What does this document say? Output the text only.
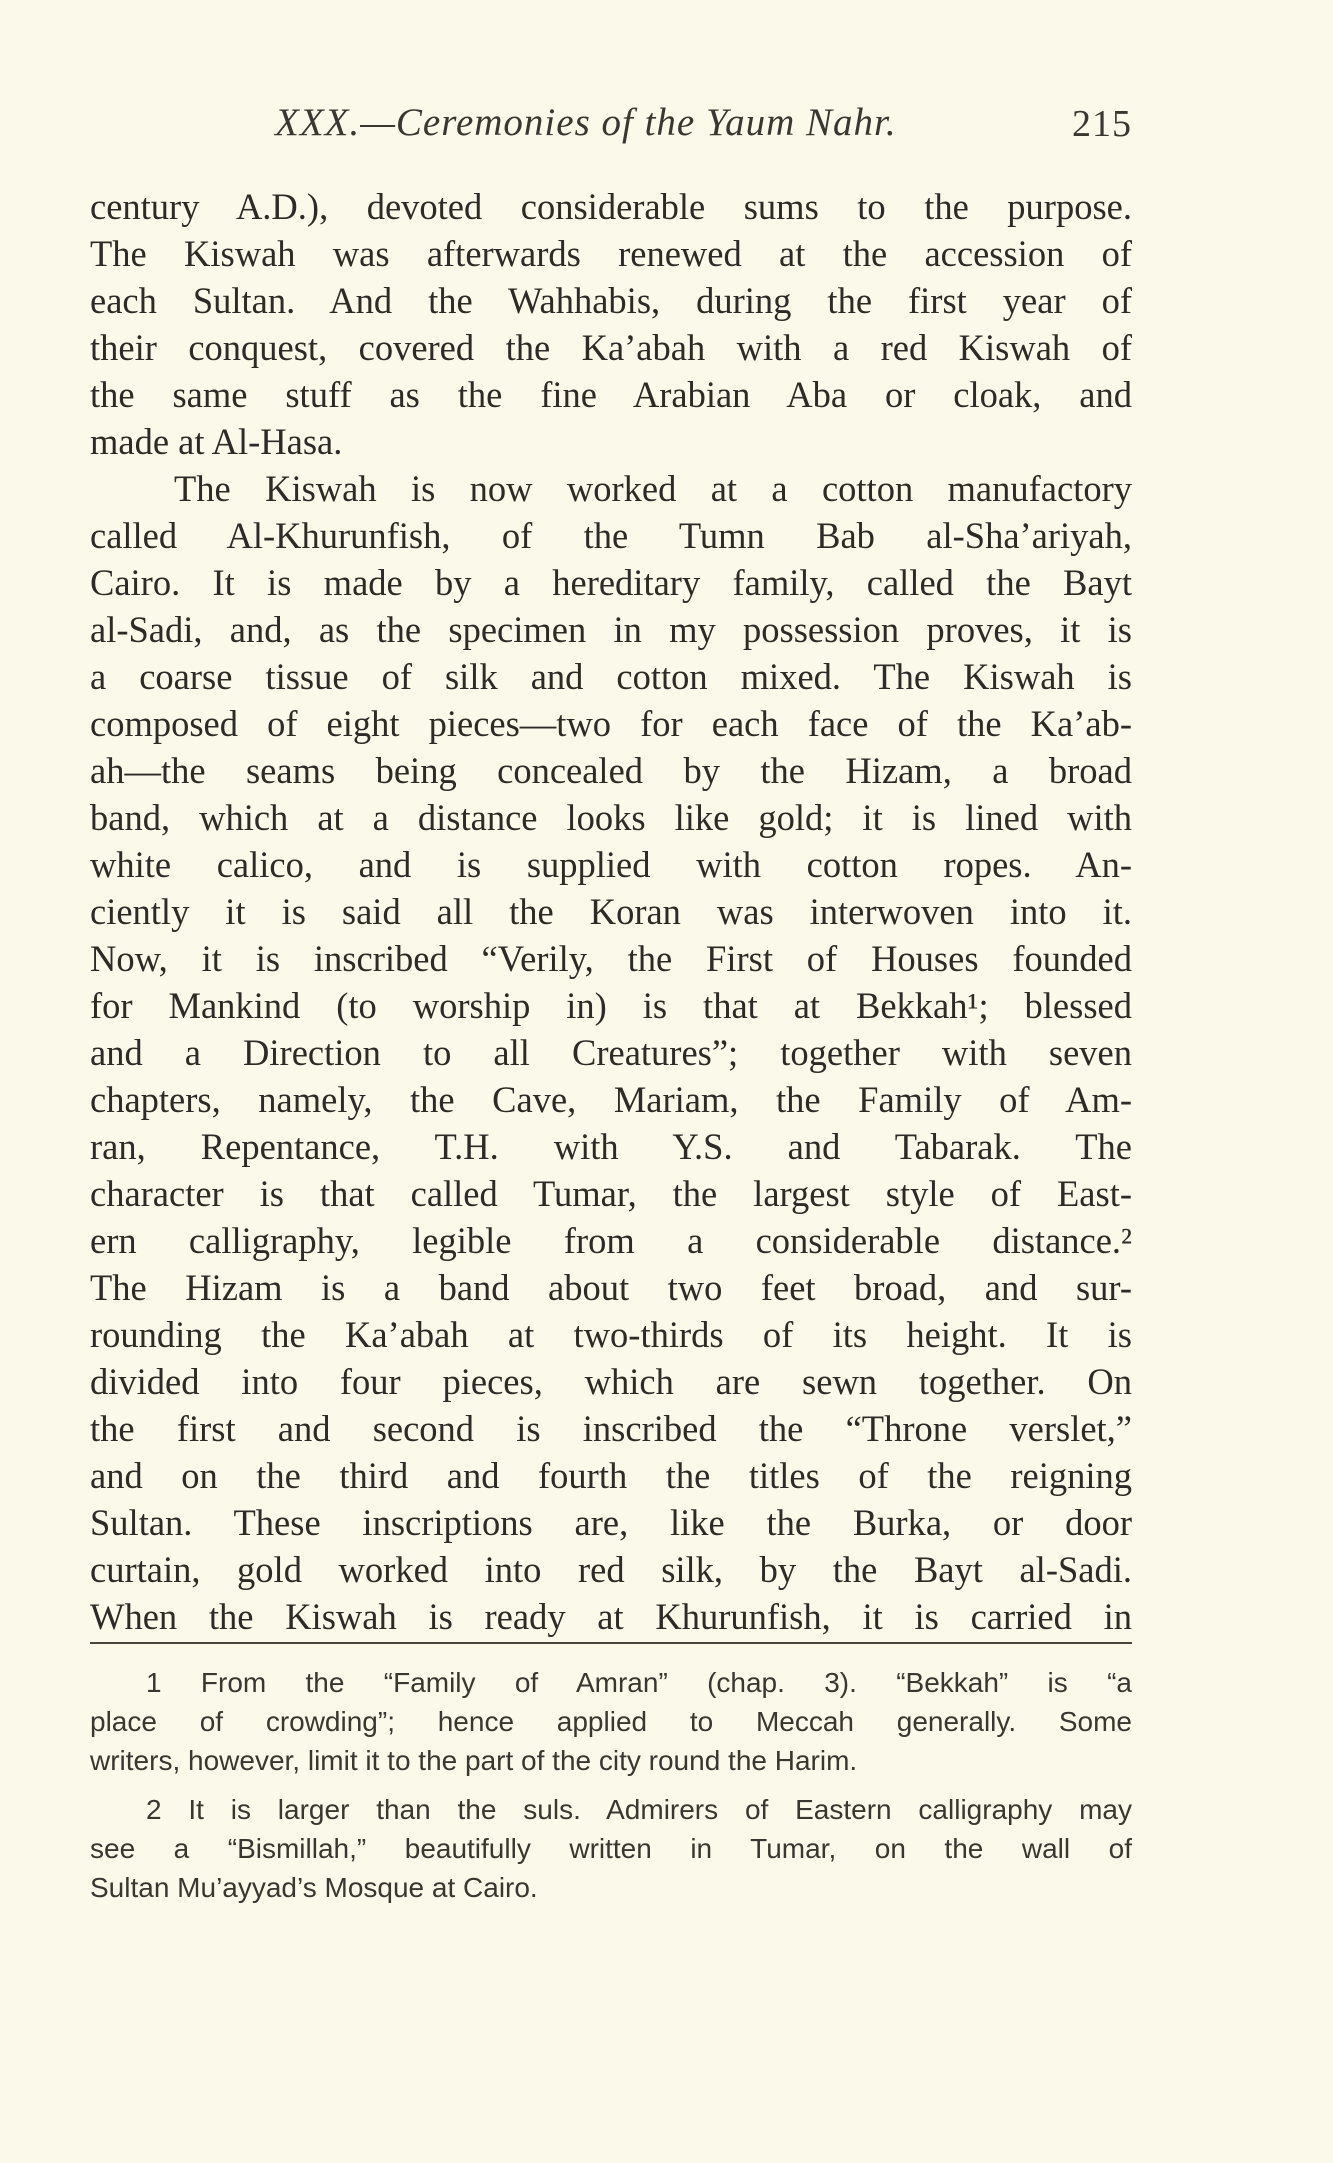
XXX.—Ceremonies of the Yaum Nahr.	215
century A.D.), devoted considerable sums to the purpose.
The Kiswah was afterwards renewed at the accession of
each Sultan. And the Wahhabis, during the first year of
their conquest, covered the Ka’abah with a red Kiswah of
the same stuff as the fine Arabian Aba or cloak, and
made at Al-Hasa.
The Kiswah is now worked at a cotton manufactory
called Al-Khurunfish, of the Tumn Bab al-Sha’ariyah,
Cairo. It is made by a hereditary family, called the Bayt
al-Sadi, and, as the specimen in my possession proves, it is
a coarse tissue of silk and cotton mixed. The Kiswah is
composed of eight pieces—two for each face of the Ka’ab-
ah—the seams being concealed by the Hizam, a broad
band, which at a distance looks like gold; it is lined with
white calico, and is supplied with cotton ropes. An-
ciently it is said all the Koran was interwoven into it.
Now, it is inscribed “Verily, the First of Houses founded
for Mankind (to worship in) is that at Bekkah¹; blessed
and a Direction to all Creatures”; together with seven
chapters, namely, the Cave, Mariam, the Family of Am-
ran, Repentance, T.H. with Y.S. and Tabarak. The
character is that called Tumar, the largest style of East-
ern calligraphy, legible from a considerable distance.²
The Hizam is a band about two feet broad, and sur-
rounding the Ka’abah at two-thirds of its height. It is
divided into four pieces, which are sewn together. On
the first and second is inscribed the “Throne verslet,”
and on the third and fourth the titles of the reigning
Sultan. These inscriptions are, like the Burka, or door
curtain, gold worked into red silk, by the Bayt al-Sadi.
When the Kiswah is ready at Khurunfish, it is carried in
1 From the “Family of Amran” (chap. 3). “Bekkah” is “a
place of crowding”; hence applied to Meccah generally. Some
writers, however, limit it to the part of the city round the Harim.
2 It is larger than the suls. Admirers of Eastern calligraphy may
see a “Bismillah,” beautifully written in Tumar, on the wall of
Sultan Mu’ayyad’s Mosque at Cairo.
